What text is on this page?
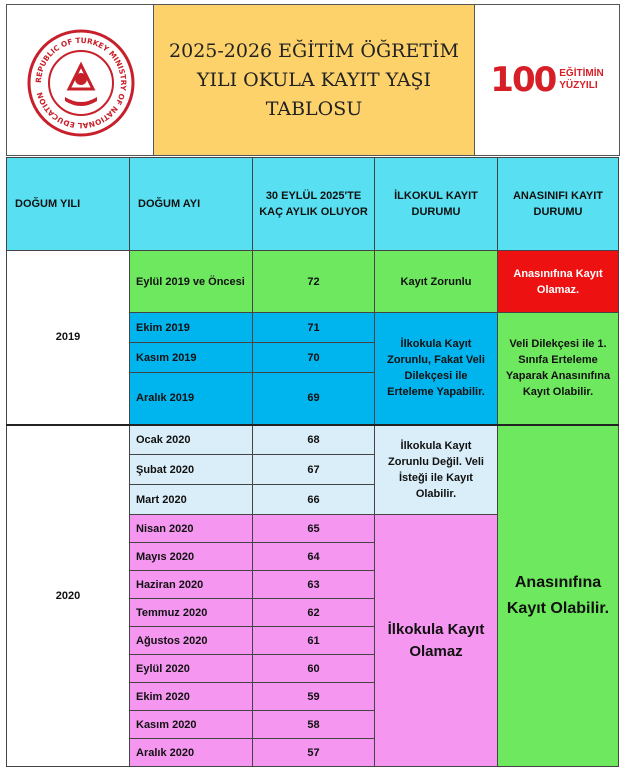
REPUBLIC OF TURKEY MINISTRY OF NATIONAL EDUCATION
2025-2026 EĞİTİM ÖĞRETİM
YILI OKULA KAYIT YAŞI
TABLOSU
100 EĞİTİMİN
YÜZYILI
DOĞUM YILI	DOĞUM AYI	30 EYLÜL 2025'TE KAÇ AYLIK OLUYOR	İLKOKUL KAYIT DURUMU	ANASINIFI KAYIT DURUMU
2019	Eylül 2019 ve Öncesi	72	Kayıt Zorunlu	Anasınıfına Kayıt Olamaz.
	Ekim 2019	71	İlkokula Kayıt Zorunlu, Fakat Veli Dilekçesi ile Erteleme Yapabilir.	Veli Dilekçesi ile 1. Sınıfa Erteleme Yaparak Anasınıfına Kayıt Olabilir.
	Kasım 2019	70		
	Aralık 2019	69		
2020	Ocak 2020	68	İlkokula Kayıt Zorunlu Değil. Veli İsteği ile Kayıt Olabilir.	Anasınıfına Kayıt Olabilir.
	Şubat 2020	67		
	Mart 2020	66		
	Nisan 2020	65	İlkokula Kayıt Olamaz	
	Mayıs 2020	64		
	Haziran 2020	63		
	Temmuz 2020	62		
	Ağustos 2020	61		
	Eylül 2020	60		
	Ekim 2020	59		
	Kasım 2020	58		
	Aralık 2020	57		
